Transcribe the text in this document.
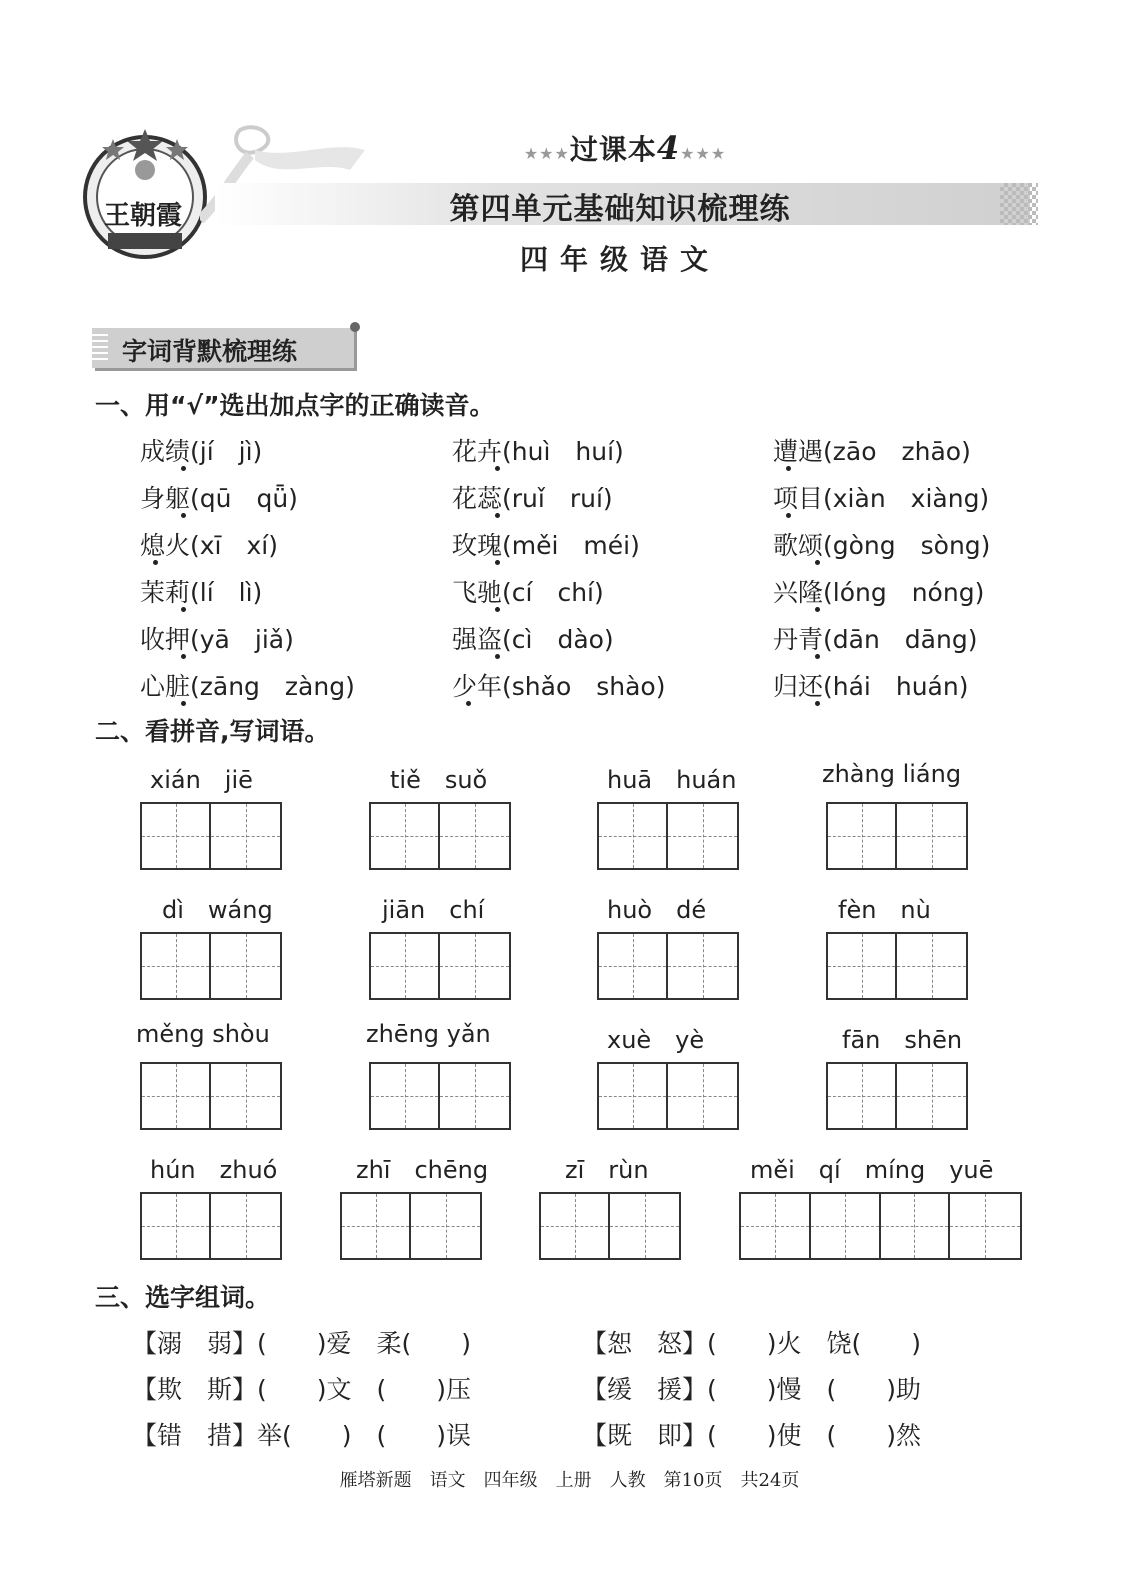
王朝霞
★★★过课本4★★★
第四单元基础知识梳理练
四年级语文
字词背默梳理练
一、用“√”选出加点字的正确读音。
成绩(jí　jì)	花卉(huì　huí)	遭遇(zāo　zhāo)
身躯(qū　qǖ)	花蕊(ruǐ　ruí)	项目(xiàn　xiàng)
熄火(xī　xí)	玫瑰(měi　méi)	歌颂(gòng　sòng)
茉莉(lí　lì)	飞驰(cí　chí)	兴隆(lóng　nóng)
收押(yā　jiǎ)	强盗(cì　dào)	丹青(dān　dāng)
心脏(zāng　zàng)	少年(shǎo　shào)	归还(hái　huán)
二、看拼音,写词语。
xián　jiē	tiě　suǒ	huā　huán	zhàng liáng
dì　wáng	jiān　chí	huò　dé	fèn　nù
měng shòu	zhēng yǎn	xuè　yè	fān　shēn
hún　zhuó	zhī　chēng	zī　rùn	měi　qí　míng　yuē
三、选字组词。
【溺　弱】(　　)爱　柔(　　)	【恕　怒】(　　)火　饶(　　)
【欺　斯】(　　)文　(　　)压	【缓　援】(　　)慢　(　　)助
【错　措】举(　　)　(　　)误	【既　即】(　　)使　(　　)然
雁塔新题　语文　四年级　上册　人教　第10页　共24页
